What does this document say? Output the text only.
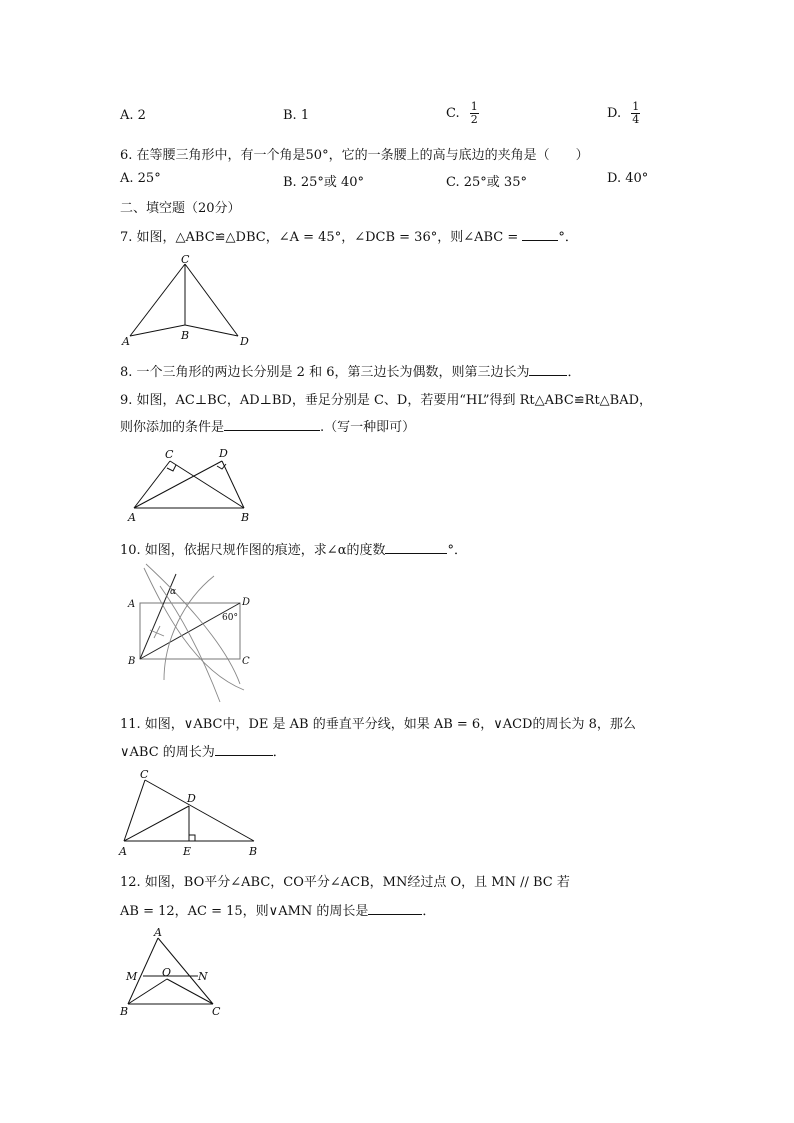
A. 2	B. 1	C. $\frac{1}{2}$	D. $\frac{1}{4}$
6. 在等腰三角形中，有一个角是50°，它的一条腰上的高与底边的夹角是（　　）
A. 25°	B. 25°或 40°	C. 25°或 35°	D. 40°
二、填空题（20分）
7. 如图，△ABC≌△DBC，∠A = 45°，∠DCB = 36°，则∠ABC =	°．
C
A	B	D
8. 一个三角形的两边长分别是 2 和 6，第三边长为偶数，则第三边长为	．
9. 如图，AC⊥BC，AD⊥BD，垂足分别是 C、D，若要用“HL”得到 Rt△ABC≌Rt△BAD，
则你添加的条件是	.（写一种即可）
C	D
A	B
10. 如图，依据尺规作图的痕迹，求∠α的度数	°．
A	D
B	C
α
60°
11. 如图，∨ABC中，DE 是 AB 的垂直平分线，如果 AB = 6，∨ACD的周长为 8，那么
∨ABC 的周长为	．
C
D
A	E	B
12. 如图，BO平分∠ABC，CO平分∠ACB，MN经过点 O，且 MN // BC 若
AB = 12，AC = 15，则∨AMN 的周长是	．
A
M O N
B	C
